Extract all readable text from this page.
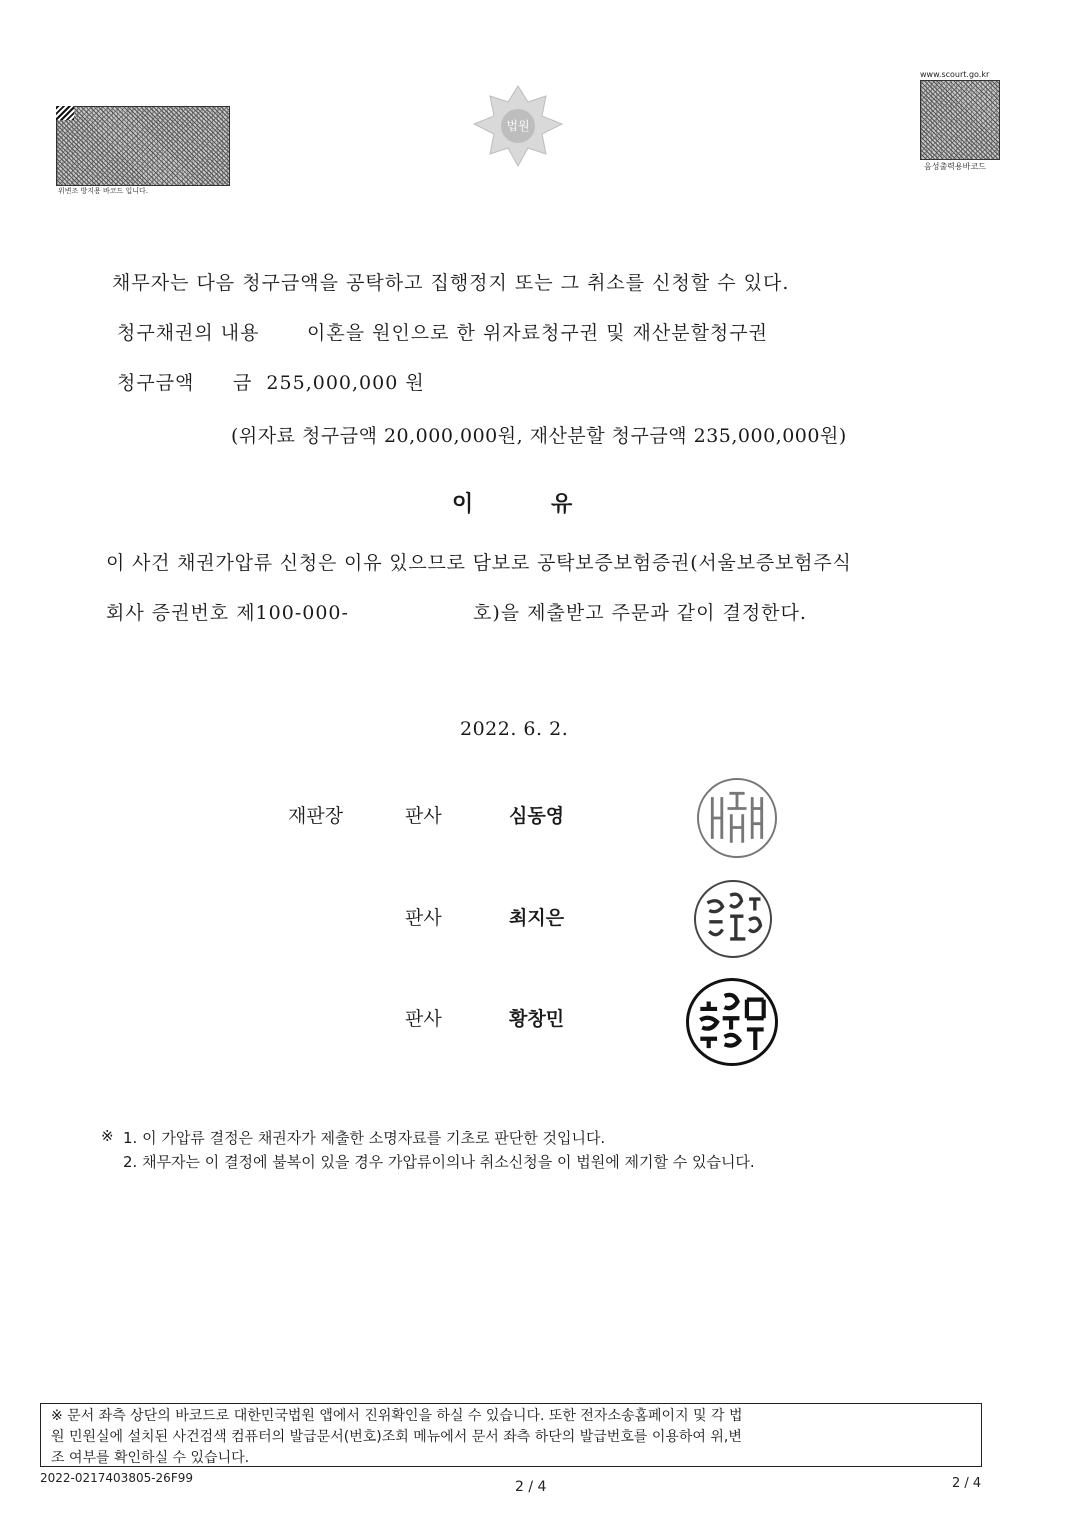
위변조 방지용 바코드 입니다.
법원
www.scourt.go.kr
음성출력용바코드
채무자는 다음 청구금액을 공탁하고 집행정지 또는 그 취소를 신청할 수 있다.
청구채권의 내용 이혼을 원인으로 한 위자료청구권 및 재산분할청구권
청구금액 금  255,000,000 원
(위자료 청구금액 20,000,000원, 재산분할 청구금액 235,000,000원)
이	유
이 사건 채권가압류 신청은 이유 있으므로 담보로 공탁보증보험증권(서울보증보험주식
회사 증권번호 제100-000-	호)을 제출받고 주문과 같이 결정한다.
2022. 6. 2.
재판장	판사	심동영
판사	최지은
판사	황창민
※ 1. 이 가압류 결정은 채권자가 제출한 소명자료를 기초로 판단한 것입니다.
2. 채무자는 이 결정에 불복이 있을 경우 가압류이의나 취소신청을 이 법원에 제기할 수 있습니다.
※ 문서 좌측 상단의 바코드로 대한민국법원 앱에서 진위확인을 하실 수 있습니다. 또한 전자소송홈페이지 및 각 법
원 민원실에 설치된 사건검색 컴퓨터의 발급문서(번호)조회 메뉴에서 문서 좌측 하단의 발급번호를 이용하여 위,변
조 여부를 확인하실 수 있습니다.
2022-0217403805-26F99
2 / 4	2 / 4
